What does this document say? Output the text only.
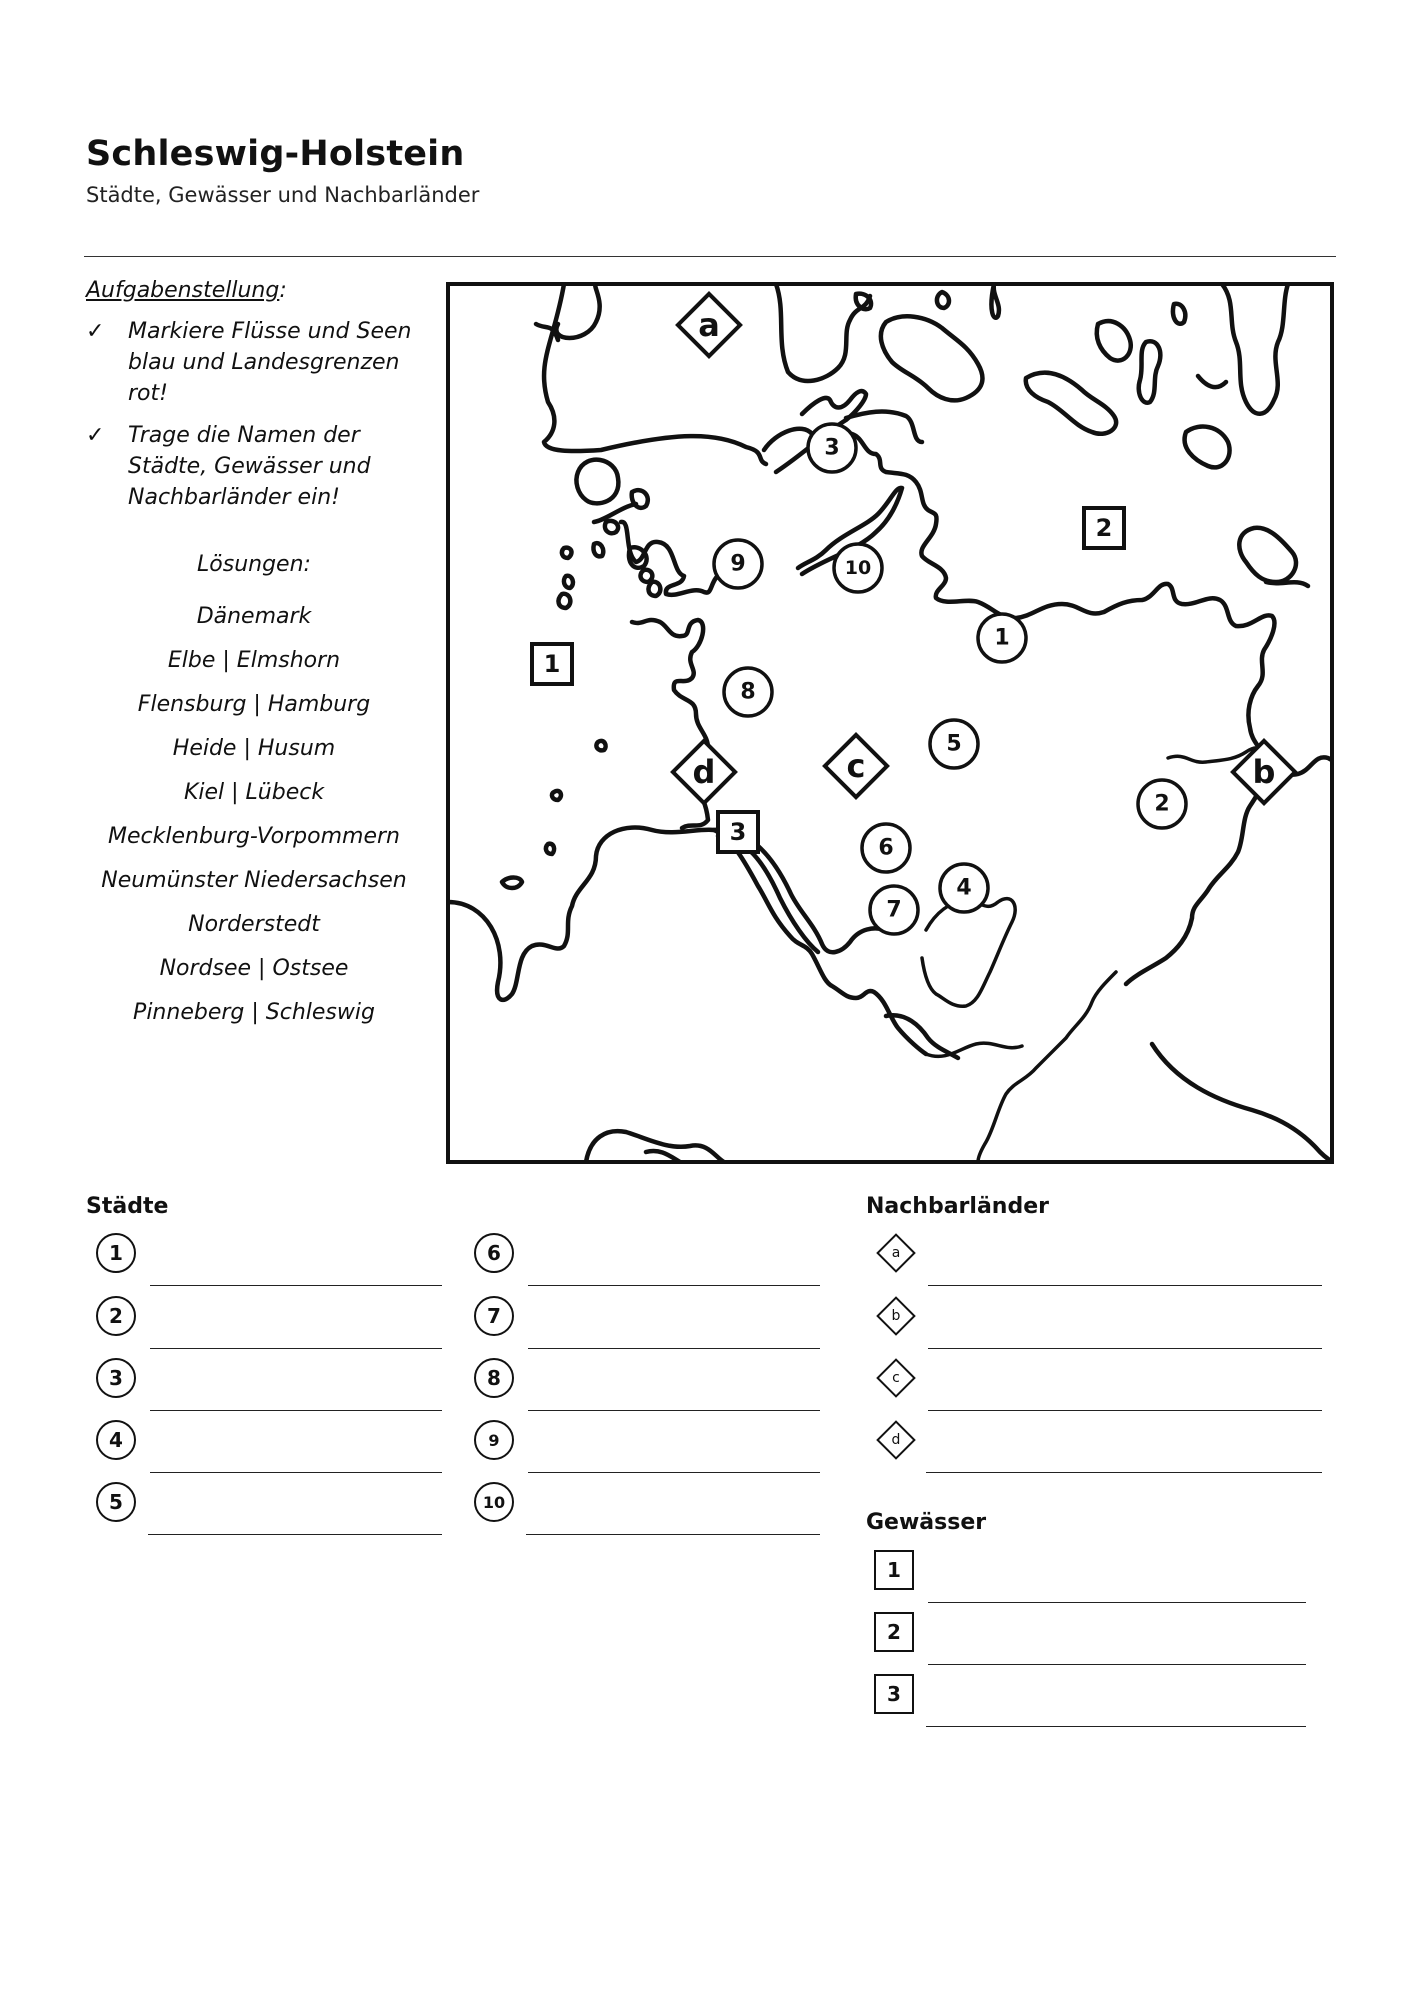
Schleswig-Holstein
Städte, Gewässer und Nachbarländer
Aufgabenstellung:
✓ Markiere Flüsse und Seen blau und Landesgrenzen rot!
✓ Trage die Namen der Städte, Gewässer und Nachbarländer ein!
Lösungen:
Dänemark
Elbe | Elmshorn
Flensburg | Hamburg
Heide | Husum
Kiel | Lübeck
Mecklenburg-Vorpommern
Neumünster Niedersachsen
Norderstedt
Nordsee | Ostsee
Pinneberg | Schleswig
a
b
c
d
1
2
3
1
2
3
4
5
6
7
8
9	10
Städte	Nachbarländer
Gewässer
1
2
3
4
5
6
7
8
9
10
a
b
c
d
1
2
3
